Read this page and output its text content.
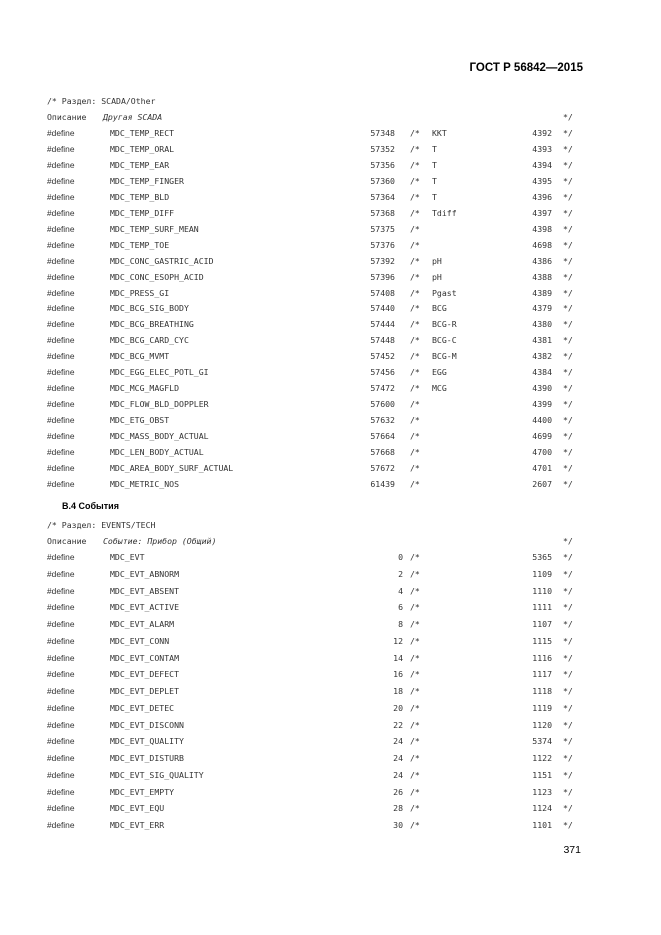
ГОСТ Р 56842—2015
/* Раздел: SCADA/Other
Описание Другая SCADA	*/
#define	MDC_TEMP_RECT	57348 /* KKT	4392 */
#define	MDC_TEMP_ORAL	57352 /* T	4393 */
#define	MDC_TEMP_EAR	57356 /* T	4394 */
#define	MDC_TEMP_FINGER	57360 /* T	4395 */
#define	MDC_TEMP_BLD	57364 /* T	4396 */
#define	MDC_TEMP_DIFF	57368 /* Tdiff	4397 */
#define	MDC_TEMP_SURF_MEAN	57375 /*	4398 */
#define	MDC_TEMP_TOE	57376 /*	4698 */
#define	MDC_CONC_GASTRIC_ACID	57392 /* pH	4386 */
#define	MDC_CONC_ESOPH_ACID	57396 /* pH	4388 */
#define	MDC_PRESS_GI	57408 /* Pgast	4389 */
#define	MDC_BCG_SIG_BODY	57440 /* BCG	4379 */
#define	MDC_BCG_BREATHING	57444 /* BCG-R	4380 */
#define	MDC_BCG_CARD_CYC	57448 /* BCG-C	4381 */
#define	MDC_BCG_MVMT	57452 /* BCG-M	4382 */
#define	MDC_EGG_ELEC_POTL_GI	57456 /* EGG	4384 */
#define	MDC_MCG_MAGFLD	57472 /* MCG	4390 */
#define	MDC_FLOW_BLD_DOPPLER	57600 /*	4399 */
#define	MDC_ETG_OBST	57632 /*	4400 */
#define	MDC_MASS_BODY_ACTUAL	57664 /*	4699 */
#define	MDC_LEN_BODY_ACTUAL	57668 /*	4700 */
#define	MDC_AREA_BODY_SURF_ACTUAL	57672 /*	4701 */
#define	MDC_METRIC_NOS	61439 /*	2607 */
B.4 События
/* Раздел: EVENTS/TECH
Описание Событие: Прибор (Общий)	*/
#define	MDC_EVT	0 /*	5365 */
#define	MDC_EVT_ABNORM	2 /*	1109 */
#define	MDC_EVT_ABSENT	4 /*	1110 */
#define	MDC_EVT_ACTIVE	6 /*	1111 */
#define	MDC_EVT_ALARM	8 /*	1107 */
#define	MDC_EVT_CONN	12 /*	1115 */
#define	MDC_EVT_CONTAM	14 /*	1116 */
#define	MDC_EVT_DEFECT	16 /*	1117 */
#define	MDC_EVT_DEPLET	18 /*	1118 */
#define	MDC_EVT_DETEC	20 /*	1119 */
#define	MDC_EVT_DISCONN	22 /*	1120 */
#define	MDC_EVT_QUALITY	24 /*	5374 */
#define	MDC_EVT_DISTURB	24 /*	1122 */
#define	MDC_EVT_SIG_QUALITY	24 /*	1151 */
#define	MDC_EVT_EMPTY	26 /*	1123 */
#define	MDC_EVT_EQU	28 /*	1124 */
#define	MDC_EVT_ERR	30 /*	1101 */
371
